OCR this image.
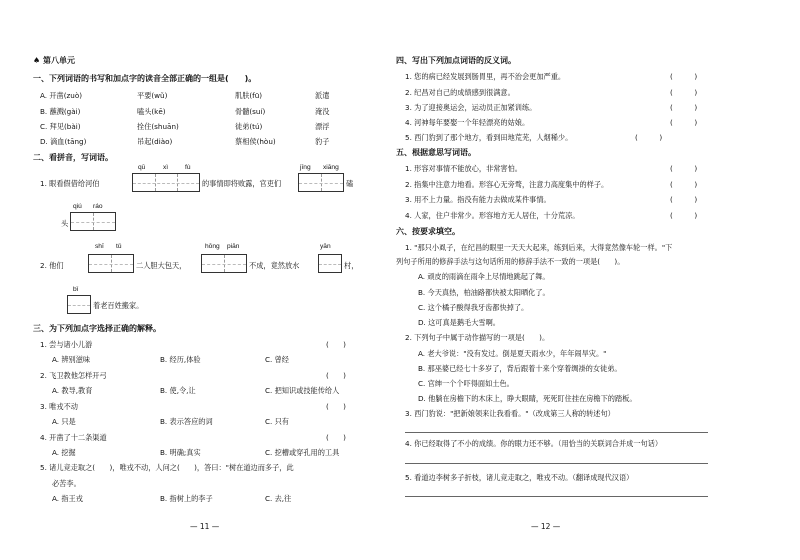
♠ 第八单元
一、下列词语的书写和加点字的读音全部正确的一组是(　　)。
A. 开凿(zuò)	平要(wǔ)	肌肤(fū)	派遣
B. 蘸溅(gài)	嗑头(kē)	骨髓(suí)	淹没
C. 拜见(bài)	拴住(shuān)	徒弟(tú)	漂浮
D. 滴血(tāng)	吊起(diào)	蔡相侯(hòu)	豹子
二、看拼音，写词语。
qū	xì	fù	jīng xiāng
1. 眼看假借给河伯	的事情即将败露，官吏们	磕
qiú ráo
头
shī tǔ	hōng piān	yān
2. 他们	二人胆大包天，	不成，竟然放水	村，
bǐ
着老百姓搬家。
三、为下列加点字选择正确的解释。
1. 尝与诸小儿游	(　　)
A. 辨别滋味	B. 经历,体验	C. 曾经
2. 飞卫教他怎样开弓	(　　)
A. 教导,教育	B. 使,令,让	C. 把知识或技能传给人
3. 唯戎不动	(　　)
A. 只是	B. 表示答应的词	C. 只有
4. 开凿了十二条渠道	(　　)
A. 挖掘	B. 明确;真实	C. 挖槽或穿孔用的工具
5. 诸儿竞走取之(　　)，唯戎不动，人问之(　　)，答曰："树在道边而多子，此
必苦李。
A. 指王戎	B. 指树上的李子	C. 去,往
— 11 —
四、写出下列加点词语的反义词。
1. 您的病已经发展到肠胃里，再不治会更加严重。	(　　　)
2. 纪昌对自己的成绩感到很满意。	(　　　)
3. 为了迎接奥运会，运动员正加紧训练。	(　　　)
4. 河神每年要娶一个年轻漂亮的姑娘。	(　　　)
5. 西门豹到了那个地方，看到田地荒芜，人烟稀少。	(　　　)
五、根据意思写词语。
1. 形容对事情不能放心，非常害怕。	(　　　)
2. 指集中注意力地看。形容心无旁骛，注意力高度集中的样子。	(　　　)
3. 用不上力量。指没有能力去做成某件事情。	(　　　)
4. 人家，住户非常少。形容地方无人居住，十分荒凉。	(　　　)
六、按要求填空。
1. "那只小虱子，在纪昌的眼里一天天大起来，练到后来，大得竟然像车轮一样。"下
列句子所用的修辞手法与这句话所用的修辞手法不一致的一项是(　　)。
A. 顽皮的雨滴在雨伞上尽情地跳起了舞。
B. 今天真热，柏油路都快被太阳晒化了。
C. 这个橘子酸得我牙齿都快掉了。
D. 这可真是鹅毛大雪啊。
2. 下列句子中属于动作描写的一项是(　　)。
A. 老大爷说："没有发过。倒是夏天雨水少，年年闹旱灾。"
B. 那巫婆已经七十多岁了，背后跟着十来个穿着绸褂的女徒弟。
C. 官绅一个个吓得面如土色。
D. 他躺在房檐下的木床上，睁大眼睛，死死盯住挂在房檐下的踏板。
3. 西门豹说："把新娘领来让我看看。"（改成第三人称的转述句）
4. 你已经取得了不小的成绩。你的眼力还不够。（用恰当的关联词合并成一句话）
5. 看道边李树多子折枝，诸儿竞走取之，唯戎不动。（翻译成现代汉语）
— 12 —
